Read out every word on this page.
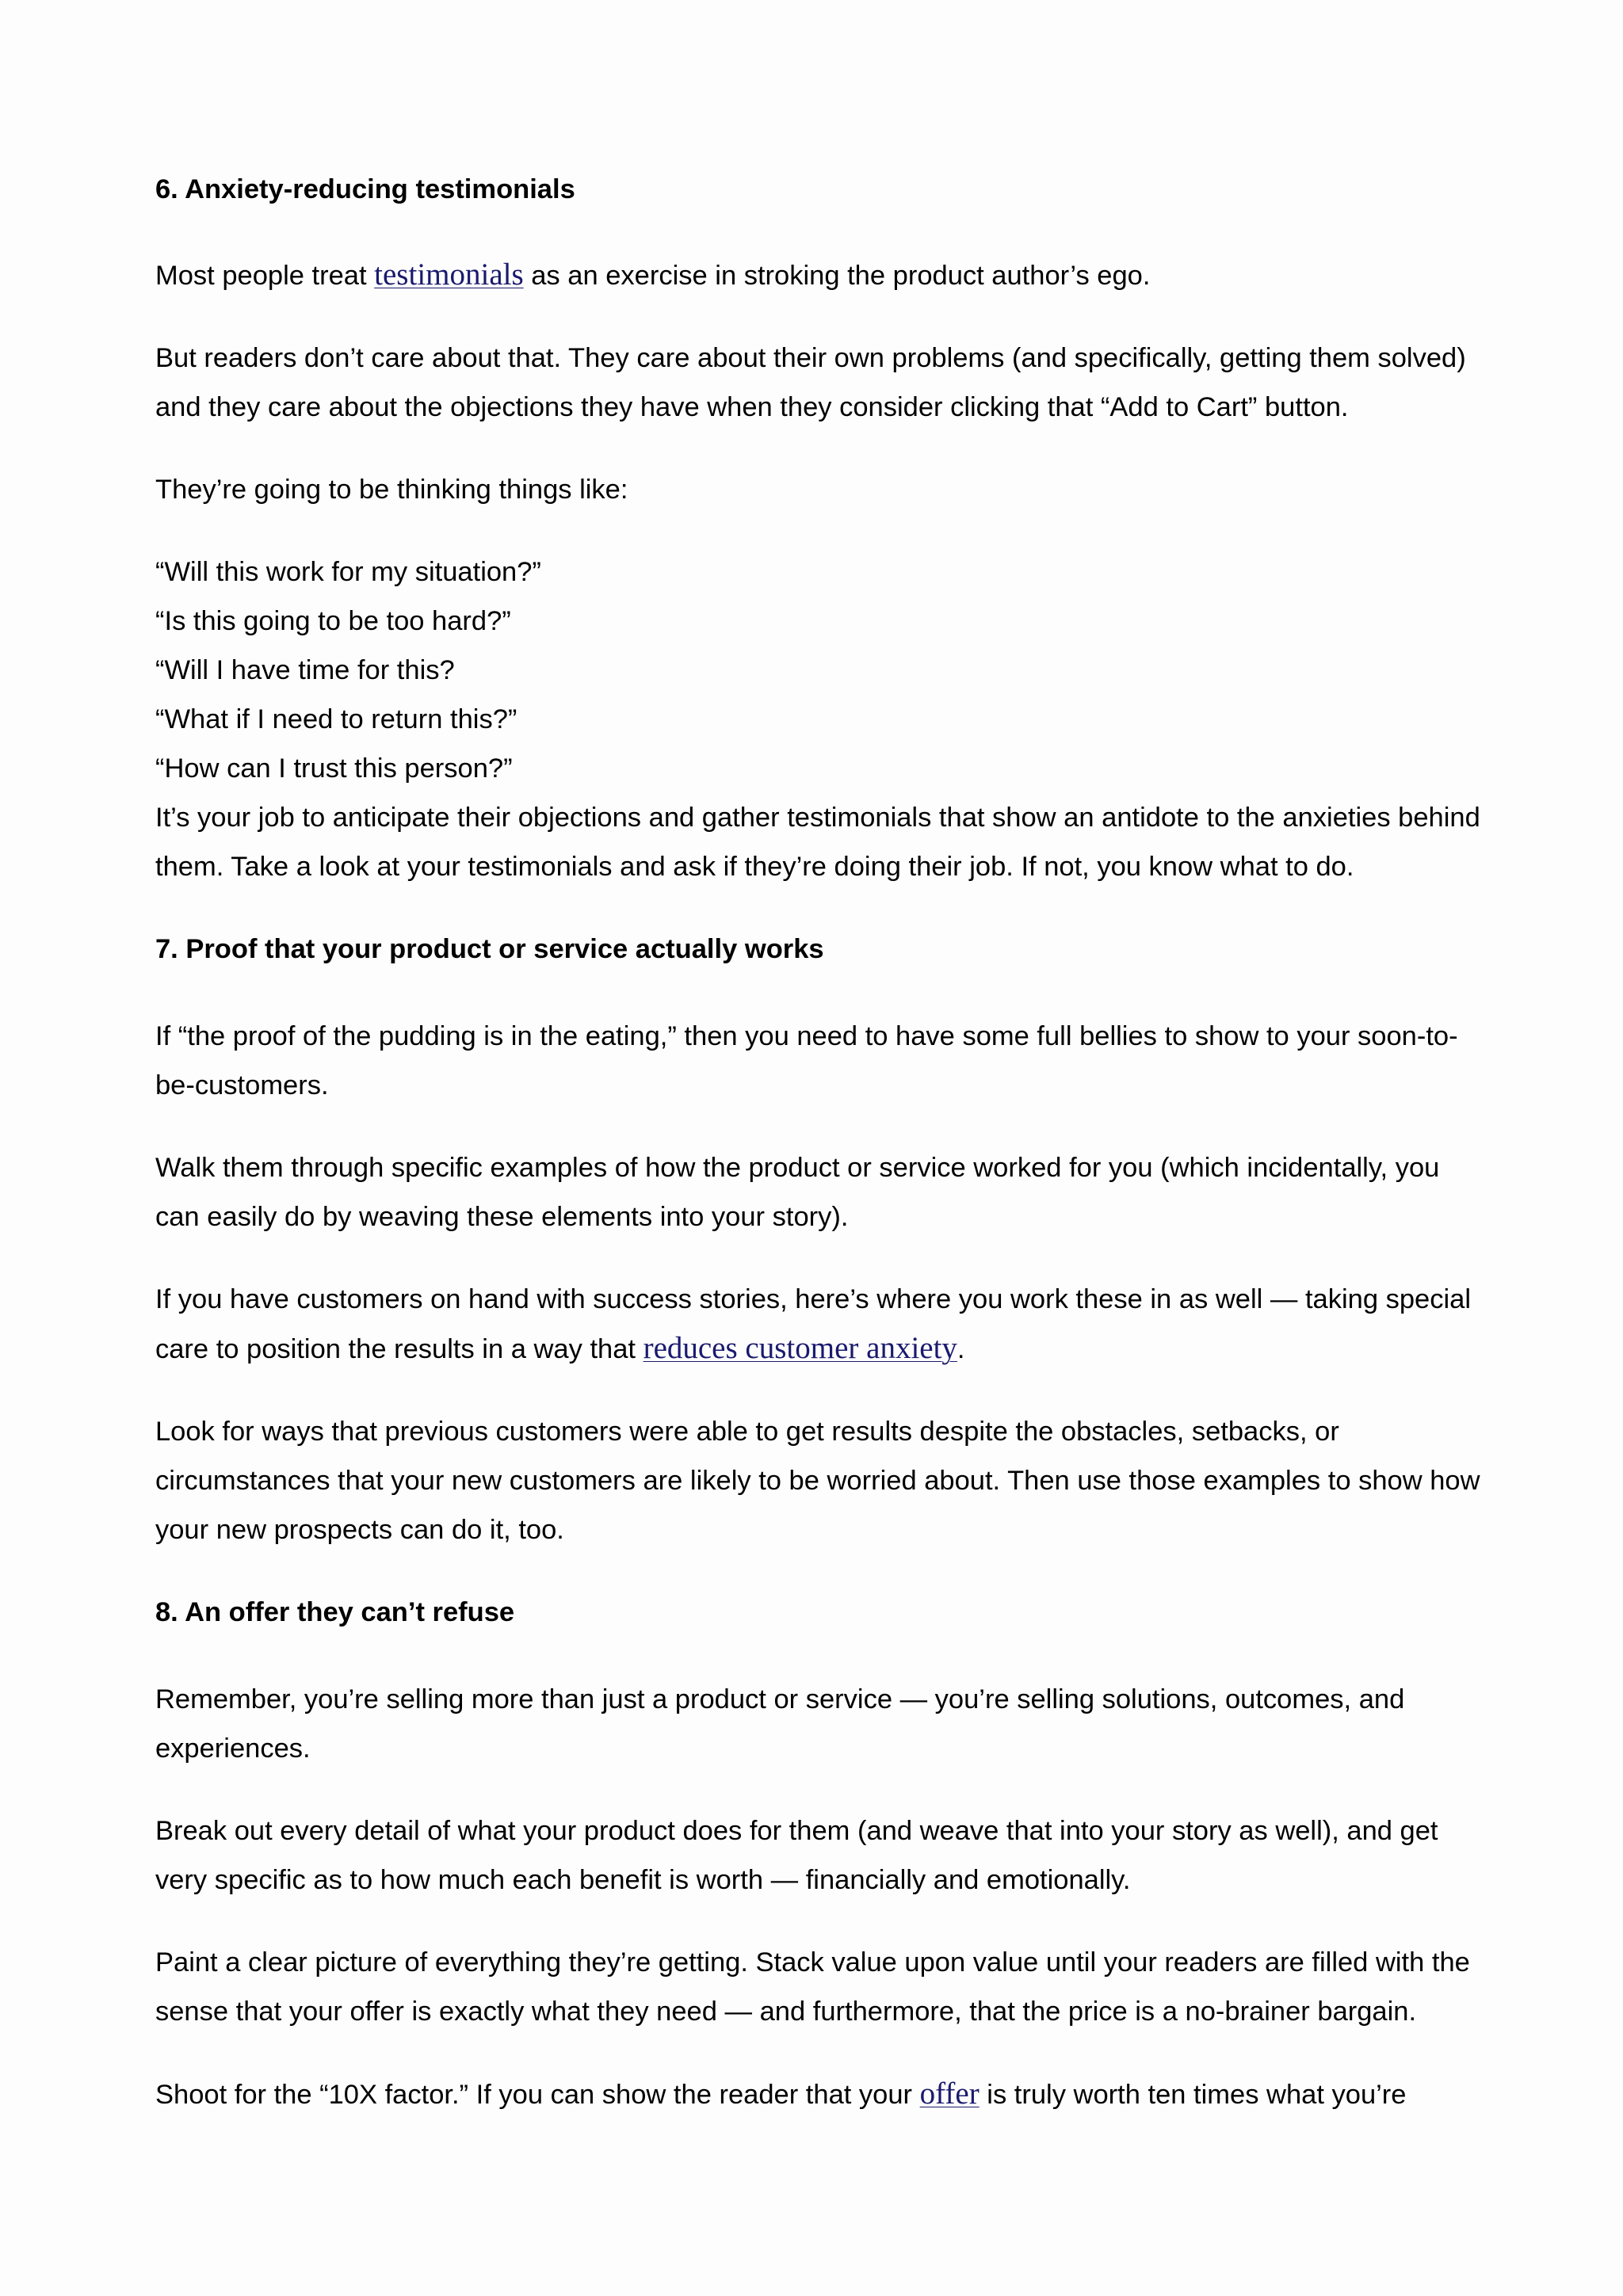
6. Anxiety-reducing testimonials

Most people treat testimonials as an exercise in stroking the product author’s ego.

But readers don’t care about that. They care about their own problems (and specifically, getting them solved) and they care about the objections they have when they consider clicking that “Add to Cart” button.

They’re going to be thinking things like:

“Will this work for my situation?”

“Is this going to be too hard?”

“Will I have time for this?

“What if I need to return this?”

“How can I trust this person?”

It’s your job to anticipate their objections and gather testimonials that show an antidote to the anxieties behind them. Take a look at your testimonials and ask if they’re doing their job. If not, you know what to do.

7. Proof that your product or service actually works

If “the proof of the pudding is in the eating,” then you need to have some full bellies to show to your soon-to-be-customers.

Walk them through specific examples of how the product or service worked for you (which incidentally, you can easily do by weaving these elements into your story).

If you have customers on hand with success stories, here’s where you work these in as well — taking special care to position the results in a way that reduces customer anxiety.

Look for ways that previous customers were able to get results despite the obstacles, setbacks, or circumstances that your new customers are likely to be worried about. Then use those examples to show how your new prospects can do it, too.

8. An offer they can’t refuse

Remember, you’re selling more than just a product or service — you’re selling solutions, outcomes, and experiences.

Break out every detail of what your product does for them (and weave that into your story as well), and get very specific as to how much each benefit is worth — financially and emotionally.

Paint a clear picture of everything they’re getting. Stack value upon value until your readers are filled with the sense that your offer is exactly what they need — and furthermore, that the price is a no-brainer bargain.

Shoot for the “10X factor.” If you can show the reader that your offer is truly worth ten times what you’re
